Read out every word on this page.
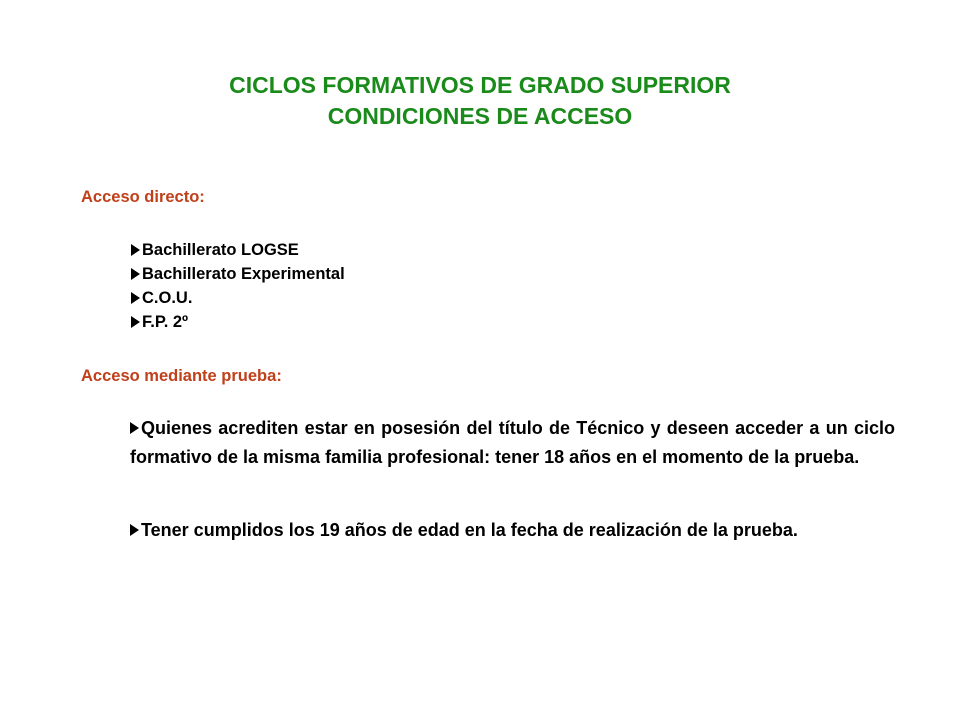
CICLOS FORMATIVOS DE GRADO SUPERIOR
CONDICIONES DE ACCESO
Acceso directo:
Bachillerato LOGSE
Bachillerato Experimental
C.O.U.
F.P. 2º
Acceso mediante prueba:

Quienes acrediten estar en posesión del título de Técnico y deseen acceder a un ciclo formativo de la misma familia profesional: tener 18 años en el momento de la prueba.

Tener cumplidos los 19 años de edad en la fecha de realización de la prueba.
